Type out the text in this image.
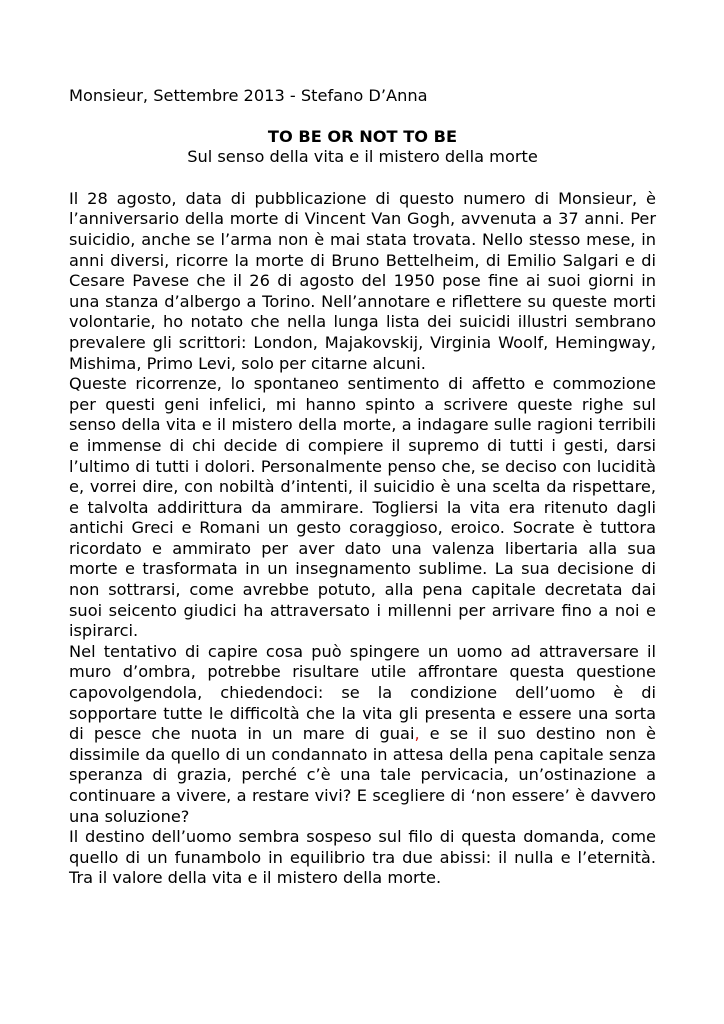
Monsieur, Settembre 2013 - Stefano D’Anna

TO BE OR NOT TO BE

Sul senso della vita e il mistero della morte

Il 28 agosto, data di pubblicazione di questo numero di Monsieur, è l’anniversario della morte di Vincent Van Gogh, avvenuta a 37 anni. Per suicidio, anche se l’arma non è mai stata trovata. Nello stesso mese, in anni diversi, ricorre la morte di Bruno Bettelheim, di Emilio Salgari e di Cesare Pavese che il 26 di agosto del 1950 pose fine ai suoi giorni in una stanza d’albergo a Torino. Nell’annotare e riflettere su queste morti volontarie, ho notato che nella lunga lista dei suicidi illustri sembrano prevalere gli scrittori: London, Majakovskij, Virginia Woolf, Hemingway, Mishima, Primo Levi, solo per citarne alcuni.

Queste ricorrenze, lo spontaneo sentimento di affetto e commozione per questi geni infelici, mi hanno spinto a scrivere queste righe sul senso della vita e il mistero della morte, a indagare sulle ragioni terribili e immense di chi decide di compiere il supremo di tutti i gesti, darsi l’ultimo di tutti i dolori. Personalmente penso che, se deciso con lucidità e, vorrei dire, con nobiltà d’intenti, il suicidio è una scelta da rispettare, e talvolta addirittura da ammirare. Togliersi la vita era ritenuto dagli antichi Greci e Romani un gesto coraggioso, eroico. Socrate è tuttora ricordato e ammirato per aver dato una valenza libertaria alla sua morte e trasformata in un insegnamento sublime. La sua decisione di non sottrarsi, come avrebbe potuto, alla pena capitale decretata dai suoi seicento giudici ha attraversato i millenni per arrivare fino a noi e ispirarci.

Nel tentativo di capire cosa può spingere un uomo ad attraversare il muro d’ombra, potrebbe risultare utile affrontare questa questione capovolgendola, chiedendoci: se la condizione dell’uomo è di sopportare tutte le difficoltà che la vita gli presenta e essere una sorta di pesce che nuota in un mare di guai, e se il suo destino non è dissimile da quello di un condannato in attesa della pena capitale senza speranza di grazia, perché c’è una tale pervicacia, un’ostinazione a continuare a vivere, a restare vivi? E scegliere di ‘non essere’ è davvero una soluzione?

Il destino dell’uomo sembra sospeso sul filo di questa domanda, come quello di un funambolo in equilibrio tra due abissi: il nulla e l’eternità. Tra il valore della vita e il mistero della morte.
